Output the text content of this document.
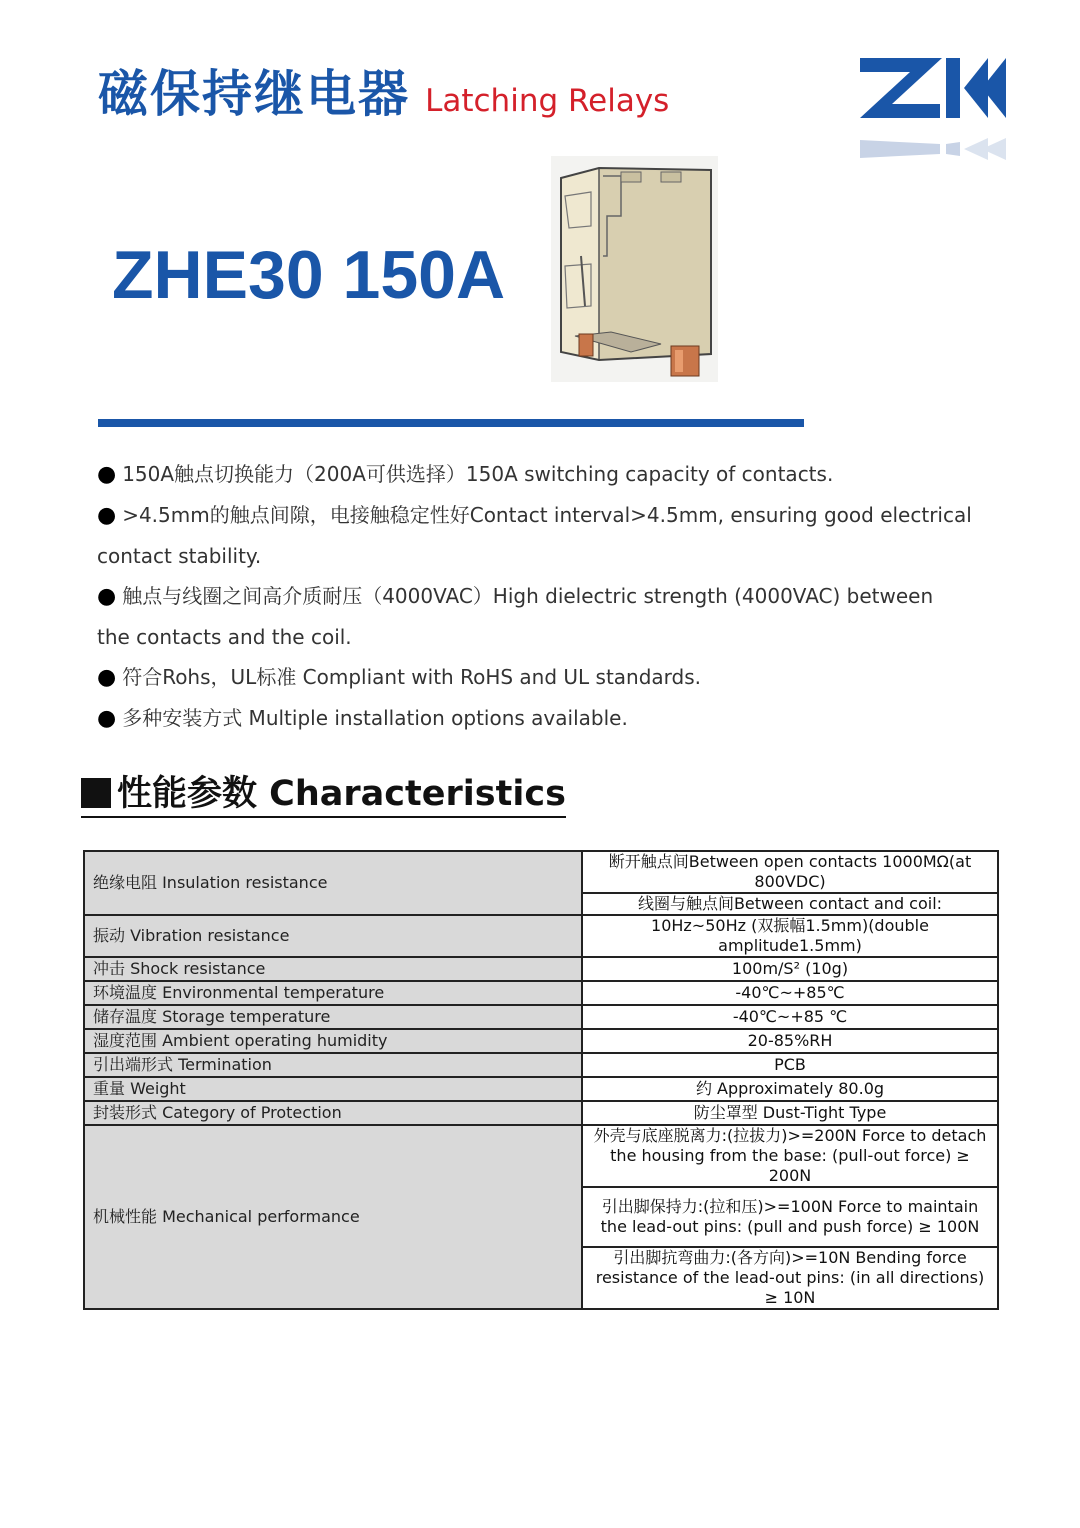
磁保持继电器 Latching Relays
ZHE30 150A

● 150A触点切换能力（200A可供选择）150A switching capacity of contacts.

● >4.5mm的触点间隙，电接触稳定性好Contact interval>4.5mm, ensuring good electrical

contact stability.

● 触点与线圈之间高介质耐压（4000VAC）High dielectric strength (4000VAC) between

the contacts and the coil.

● 符合Rohs，UL标准 Compliant with RoHS and UL standards.

● 多种安装方式 Multiple installation options available.

性能参数 Characteristics
绝缘电阻 Insulation resistance	断开触点间Between open contacts 1000MΩ(at 800VDC)
	线圈与触点间Between contact and coil:
振动 Vibration resistance	10Hz~50Hz (双振幅1.5mm)(double amplitude1.5mm)
冲击 Shock resistance	100m/S² (10g)
环境温度 Environmental temperature	-40℃~+85℃
储存温度 Storage temperature	-40℃~+85 ℃
湿度范围 Ambient operating humidity	20-85%RH
引出端形式 Termination	PCB
重量 Weight	约 Approximately 80.0g
封装形式 Category of Protection	防尘罩型 Dust-Tight Type
机械性能 Mechanical performance	外壳与底座脱离力:(拉拔力)>=200N Force to detach the housing from the base: (pull-out force) ≥ 200N
	引出脚保持力:(拉和压)>=100N Force to maintain the lead-out pins: (pull and push force) ≥ 100N
	引出脚抗弯曲力:(各方向)>=10N Bending force resistance of the lead-out pins: (in all directions) ≥ 10N
